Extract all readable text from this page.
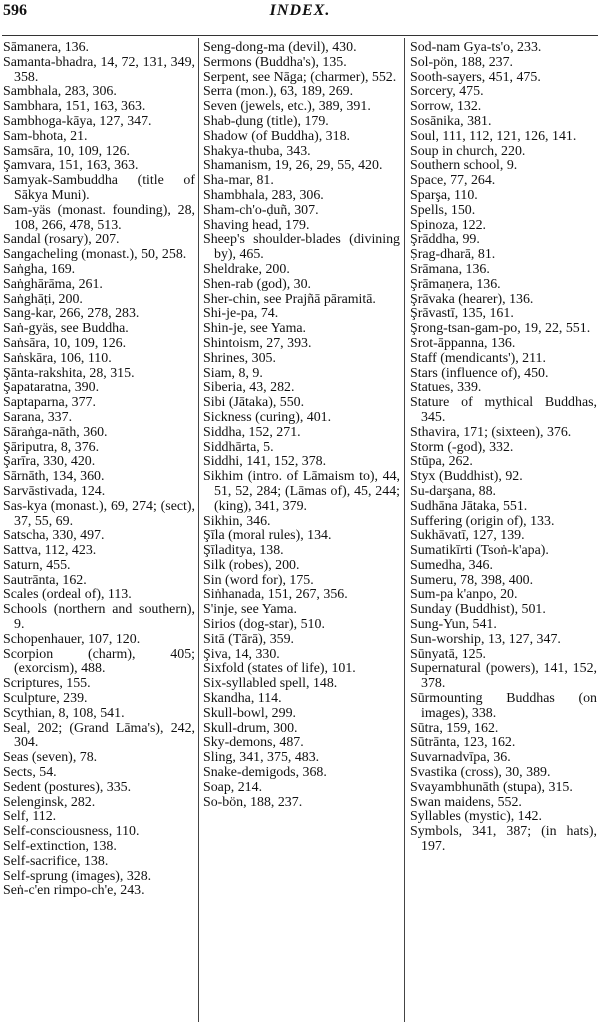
596	INDEX.

Sāmanera, 136.

Samanta-bhadra, 14, 72, 131, 349, 358.

Sambhala, 283, 306.

Sambhara, 151, 163, 363.

Sambhoga-kāya, 127, 347.

Sam-bhota, 21.

Samsāra, 10, 109, 126.

Şamvara, 151, 163, 363.

Samyak-Sambuddha (title of Sākya Muni).

Sam-yäs (monast. founding), 28, 108, 266, 478, 513.

Sandal (rosary), 207.

Sangacheling (monast.), 50, 258.

Saṅgha, 169.

Saṅghārāma, 261.

Saṅghāṭi, 200.

Sang-kar, 266, 278, 283.

Saṅ-gyäs, see Buddha.

Saṅsāra, 10, 109, 126.

Saṅskāra, 106, 110.

Şānta-rakshita, 28, 315.

Şapataratna, 390.

Saptaparna, 377.

Sarana, 337.

Sāraṅga-nāth, 360.

Şāriputra, 8, 376.

Şarīra, 330, 420.

Sārnāth, 134, 360.

Sarvāstivada, 124.

Sas-kya (monast.), 69, 274; (sect), 37, 55, 69.

Satscha, 330, 497.

Sattva, 112, 423.

Saturn, 455.

Sautrānta, 162.

Scales (ordeal of), 113.

Schools (northern and southern), 9.

Schopenhauer, 107, 120.

Scorpion (charm), 405; (exorcism), 488.

Scriptures, 155.

Sculpture, 239.

Scythian, 8, 108, 541.

Seal, 202; (Grand Lāma's), 242, 304.

Seas (seven), 78.

Sects, 54.

Sedent (postures), 335.

Selenginsk, 282.

Self, 112.

Self-consciousness, 110.

Self-extinction, 138.

Self-sacrifice, 138.

Self-sprung (images), 328.

Seṅ-c'en rimpo-ch'e, 243.

Seng-dong-ma (devil), 430.

Sermons (Buddha's), 135.

Serpent, see Nāga; (charmer), 552.

Serra (mon.), 63, 189, 269.

Seven (jewels, etc.), 389, 391.

Shab-ḍung (title), 179.

Shadow (of Buddha), 318.

Shakya-thuba, 343.

Shamanism, 19, 26, 29, 55, 420.

Sha-mar, 81.

Shambhala, 283, 306.

Sham-ch'o-ḍuñ, 307.

Shaving head, 179.

Sheep's shoulder-blades (divining by), 465.

Sheldrake, 200.

Shen-rab (god), 30.

Sher-chin, see Prajñā pāramitā.

Shi-je-pa, 74.

Shin-je, see Yama.

Shintoism, 27, 393.

Shrines, 305.

Siam, 8, 9.

Siberia, 43, 282.

Sibi (Jātaka), 550.

Sickness (curing), 401.

Siddha, 152, 271.

Siddhārta, 5.

Siddhi, 141, 152, 378.

Sikhim (intro. of Lāmaism to), 44, 51, 52, 284; (Lāmas of), 45, 244; (king), 341, 379.

Sikhin, 346.

Şīla (moral rules), 134.

Şīladitya, 138.

Silk (robes), 200.

Sin (word for), 175.

Siṅhanada, 151, 267, 356.

S'inje, see Yama.

Sirios (dog-star), 510.

Sitā (Tārā), 359.

Şiva, 14, 330.

Sixfold (states of life), 101.

Six-syllabled spell, 148.

Skandha, 114.

Skull-bowl, 299.

Skull-drum, 300.

Sky-demons, 487.

Sling, 341, 375, 483.

Snake-demigods, 368.

Soap, 214.

So-bön, 188, 237.

Sod-nam Gya-ts'o, 233.

Sol-pön, 188, 237.

Sooth-sayers, 451, 475.

Sorcery, 475.

Sorrow, 132.

Sosānika, 381.

Soul, 111, 112, 121, 126, 141.

Soup in church, 220.

Southern school, 9.

Space, 77, 264.

Sparşa, 110.

Spells, 150.

Spinoza, 122.

Şrāddha, 99.

Ṣrag-dharā, 81.

Srāmana, 136.

Şrāmaṇera, 136.

Şrāvaka (hearer), 136.

Şrāvastī, 135, 161.

Şrong-tsan-gam-po, 19, 22, 551.

Srot-āppanna, 136.

Staff (mendicants'), 211.

Stars (influence of), 450.

Statues, 339.

Stature of mythical Buddhas, 345.

Sthavira, 171; (sixteen), 376.

Storm (-god), 332.

Stūpa, 262.

Styx (Buddhist), 92.

Su-darşana, 88.

Sudhāna Jātaka, 551.

Suffering (origin of), 133.

Sukhāvatī, 127, 139.

Sumatikīrti (Tsoṅ-k'apa).

Sumedha, 346.

Sumeru, 78, 398, 400.

Sum-pa k'anpo, 20.

Sunday (Buddhist), 501.

Sung-Yun, 541.

Sun-worship, 13, 127, 347.

Sūnyatā, 125.

Supernatural (powers), 141, 152, 378.

Sūrmounting Buddhas (on images), 338.

Sūtra, 159, 162.

Sūtrānta, 123, 162.

Suvarnadvīpa, 36.

Svastika (cross), 30, 389.

Svayambhunāth (stupa), 315.

Swan maidens, 552.

Syllables (mystic), 142.

Symbols, 341, 387; (in hats), 197.
